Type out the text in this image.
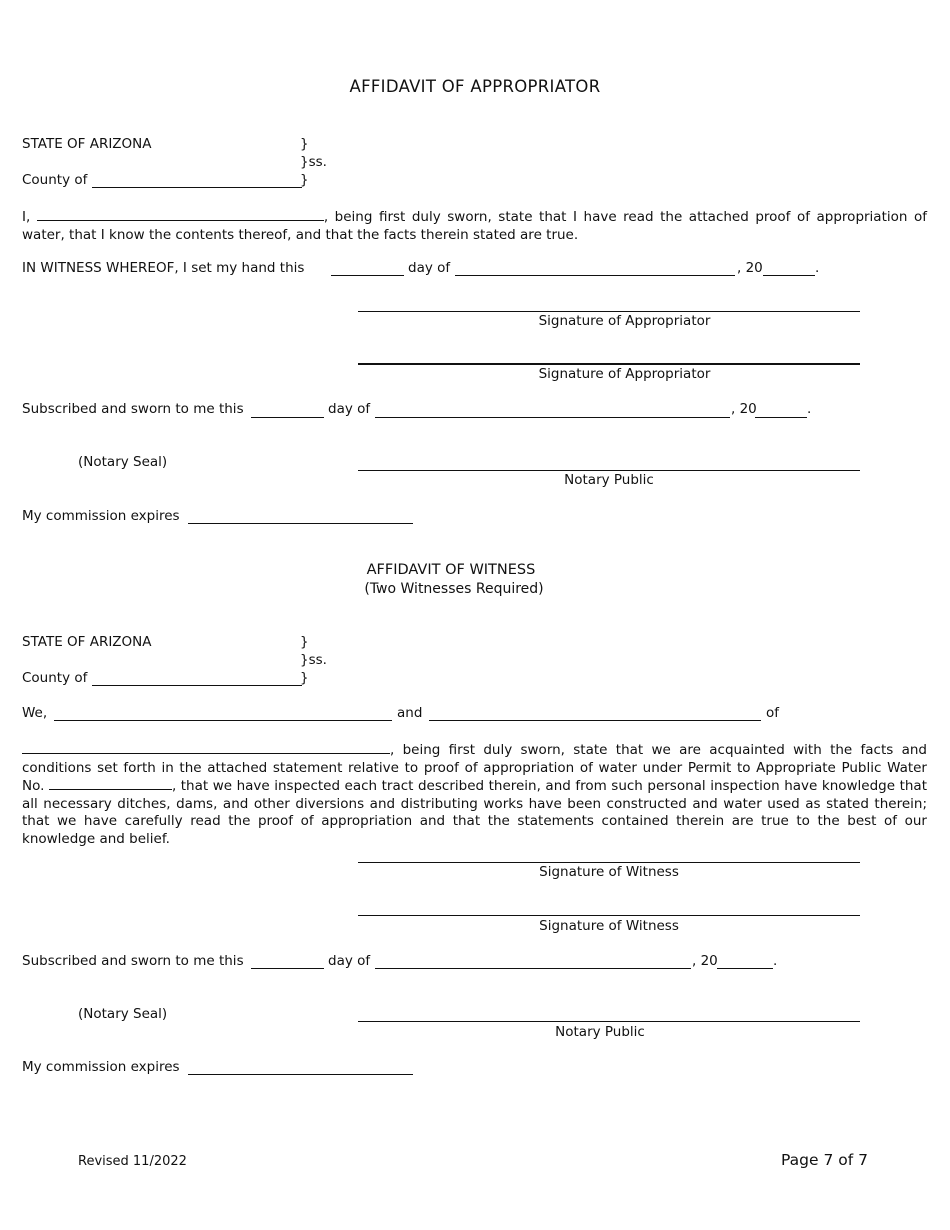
AFFIDAVIT OF APPROPRIATOR
STATE OF ARIZONA	}
}ss.
County of	}
I,	, being first duly sworn, state that I have read the attached proof of appropriation of water, that I know the contents thereof, and that the facts therein stated are true.
IN WITNESS WHEREOF, I set my hand this	day of	, 20	.
Signature of Appropriator
Signature of Appropriator
Subscribed and sworn to me this	day of	, 20	.
(Notary Seal)
Notary Public
My commission expires
AFFIDAVIT OF WITNESS
(Two Witnesses Required)
STATE OF ARIZONA	}
}ss.
County of	}
We,	and	of
, being first duly sworn, state that we are acquainted with the facts and conditions set forth in the attached statement relative to proof of appropriation of water under Permit to Appropriate Public Water No.	, that we have inspected each tract described therein, and from such personal inspection have knowledge that all necessary ditches, dams, and other diversions and distributing works have been constructed and water used as stated therein; that we have carefully read the proof of appropriation and that the statements contained therein are true to the best of our knowledge and belief.
Signature of Witness
Signature of Witness
Subscribed and sworn to me this	day of	, 20	.
(Notary Seal)
Notary Public
My commission expires
Revised 11/2022	Page 7 of 7
